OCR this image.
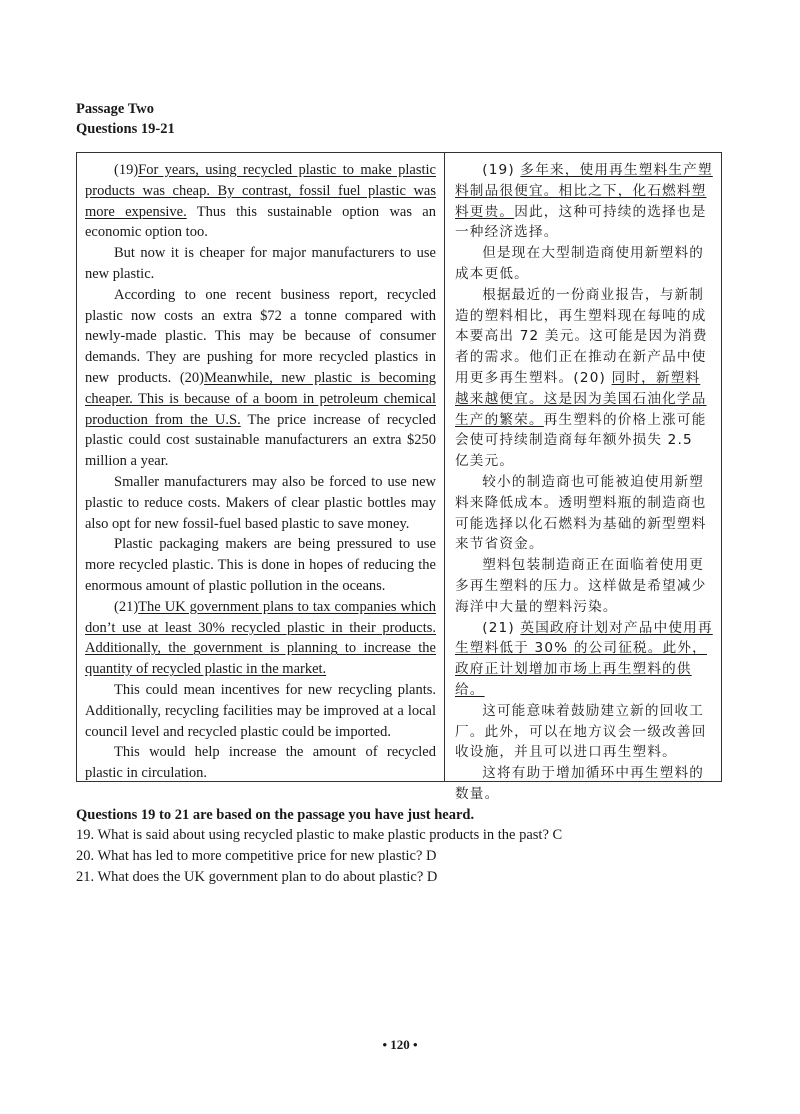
Passage Two
Questions 19-21

(19)For years, using recycled plastic to make plastic products was cheap. By contrast, fossil fuel plastic was more expensive. Thus this sustainable option was an economic option too.

But now it is cheaper for major manufacturers to use new plastic.

According to one recent business report, recycled plastic now costs an extra $72 a tonne compared with newly-made plastic. This may be because of consumer demands. They are pushing for more recycled plastics in new products. (20)Meanwhile, new plastic is becoming cheaper. This is because of a boom in petroleum chemical production from the U.S. The price increase of recycled plastic could cost sustainable manufacturers an extra $250 million a year.

Smaller manufacturers may also be forced to use new plastic to reduce costs. Makers of clear plastic bottles may also opt for new fossil-fuel based plastic to save money.

Plastic packaging makers are being pressured to use more recycled plastic. This is done in hopes of reducing the enormous amount of plastic pollution in the oceans.

(21)The UK government plans to tax companies which don’t use at least 30% recycled plastic in their products. Additionally, the government is planning to increase the quantity of recycled plastic in the market.

This could mean incentives for new recycling plants. Additionally, recycling facilities may be improved at a local council level and recycled plastic could be imported.

This would help increase the amount of recycled plastic in circulation.

(19) 多年来，使用再生塑料生产塑料制品很便宜。相比之下，化石燃料塑料更贵。因此，这种可持续的选择也是一种经济选择。

但是现在大型制造商使用新塑料的成本更低。

根据最近的一份商业报告，与新制造的塑料相比，再生塑料现在每吨的成本要高出 72 美元。这可能是因为消费者的需求。他们正在推动在新产品中使用更多再生塑料。(20) 同时，新塑料越来越便宜。这是因为美国石油化学品生产的繁荣。再生塑料的价格上涨可能会使可持续制造商每年额外损失 2.5 亿美元。

较小的制造商也可能被迫使用新塑料来降低成本。透明塑料瓶的制造商也可能选择以化石燃料为基础的新型塑料来节省资金。

塑料包装制造商正在面临着使用更多再生塑料的压力。这样做是希望减少海洋中大量的塑料污染。

(21) 英国政府计划对产品中使用再生塑料低于 30% 的公司征税。此外，政府正计划增加市场上再生塑料的供给。

这可能意味着鼓励建立新的回收工厂。此外，可以在地方议会一级改善回收设施，并且可以进口再生塑料。

这将有助于增加循环中再生塑料的数量。

Questions 19 to 21 are based on the passage you have just heard.
19. What is said about using recycled plastic to make plastic products in the past? C
20. What has led to more competitive price for new plastic? D
21. What does the UK government plan to do about plastic? D
• 120 •
